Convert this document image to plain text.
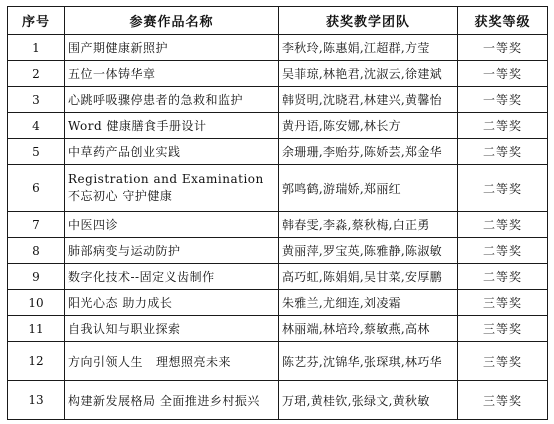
序号	参赛作品名称	获奖教学团队	获奖等级
1	围产期健康新照护	李秋玲,陈惠娟,江超群,方莹	一等奖
2	五位一体铸华章	吴菲琼,林艳君,沈淑云,徐建斌	一等奖
3	心跳呼吸骤停患者的急救和监护	韩贤明,沈晓君,林建兴,黄馨怡	一等奖
4	Word 健康膳食手册设计	黄丹语,陈安娜,林长方	二等奖
5	中草药产品创业实践	余珊珊,李贻芬,陈娇芸,郑金华	二等奖
6	Registration and Examination 不忘初心 守护健康	郭鸣鹤,游瑞娇,郑丽红	二等奖
7	中医四诊	韩春雯,李淼,蔡秋梅,白正勇	二等奖
8	肺部病变与运动防护	黄丽萍,罗宝英,陈雅静,陈淑敏	二等奖
9	数字化技术--固定义齿制作	高巧虹,陈娟娟,吴甘菜,安厚鹏	二等奖
10	阳光心态 助力成长	朱雅兰,尤细连,刘凌霜	三等奖
11	自我认知与职业探索	林丽端,林培玲,蔡敏燕,高林	三等奖
12	方向引领人生   理想照亮未来	陈艺芬,沈锦华,张琛琪,林巧华	三等奖
13	构建新发展格局 全面推进乡村振兴	万珺,黄桂钦,张绿文,黄秋敏	三等奖
